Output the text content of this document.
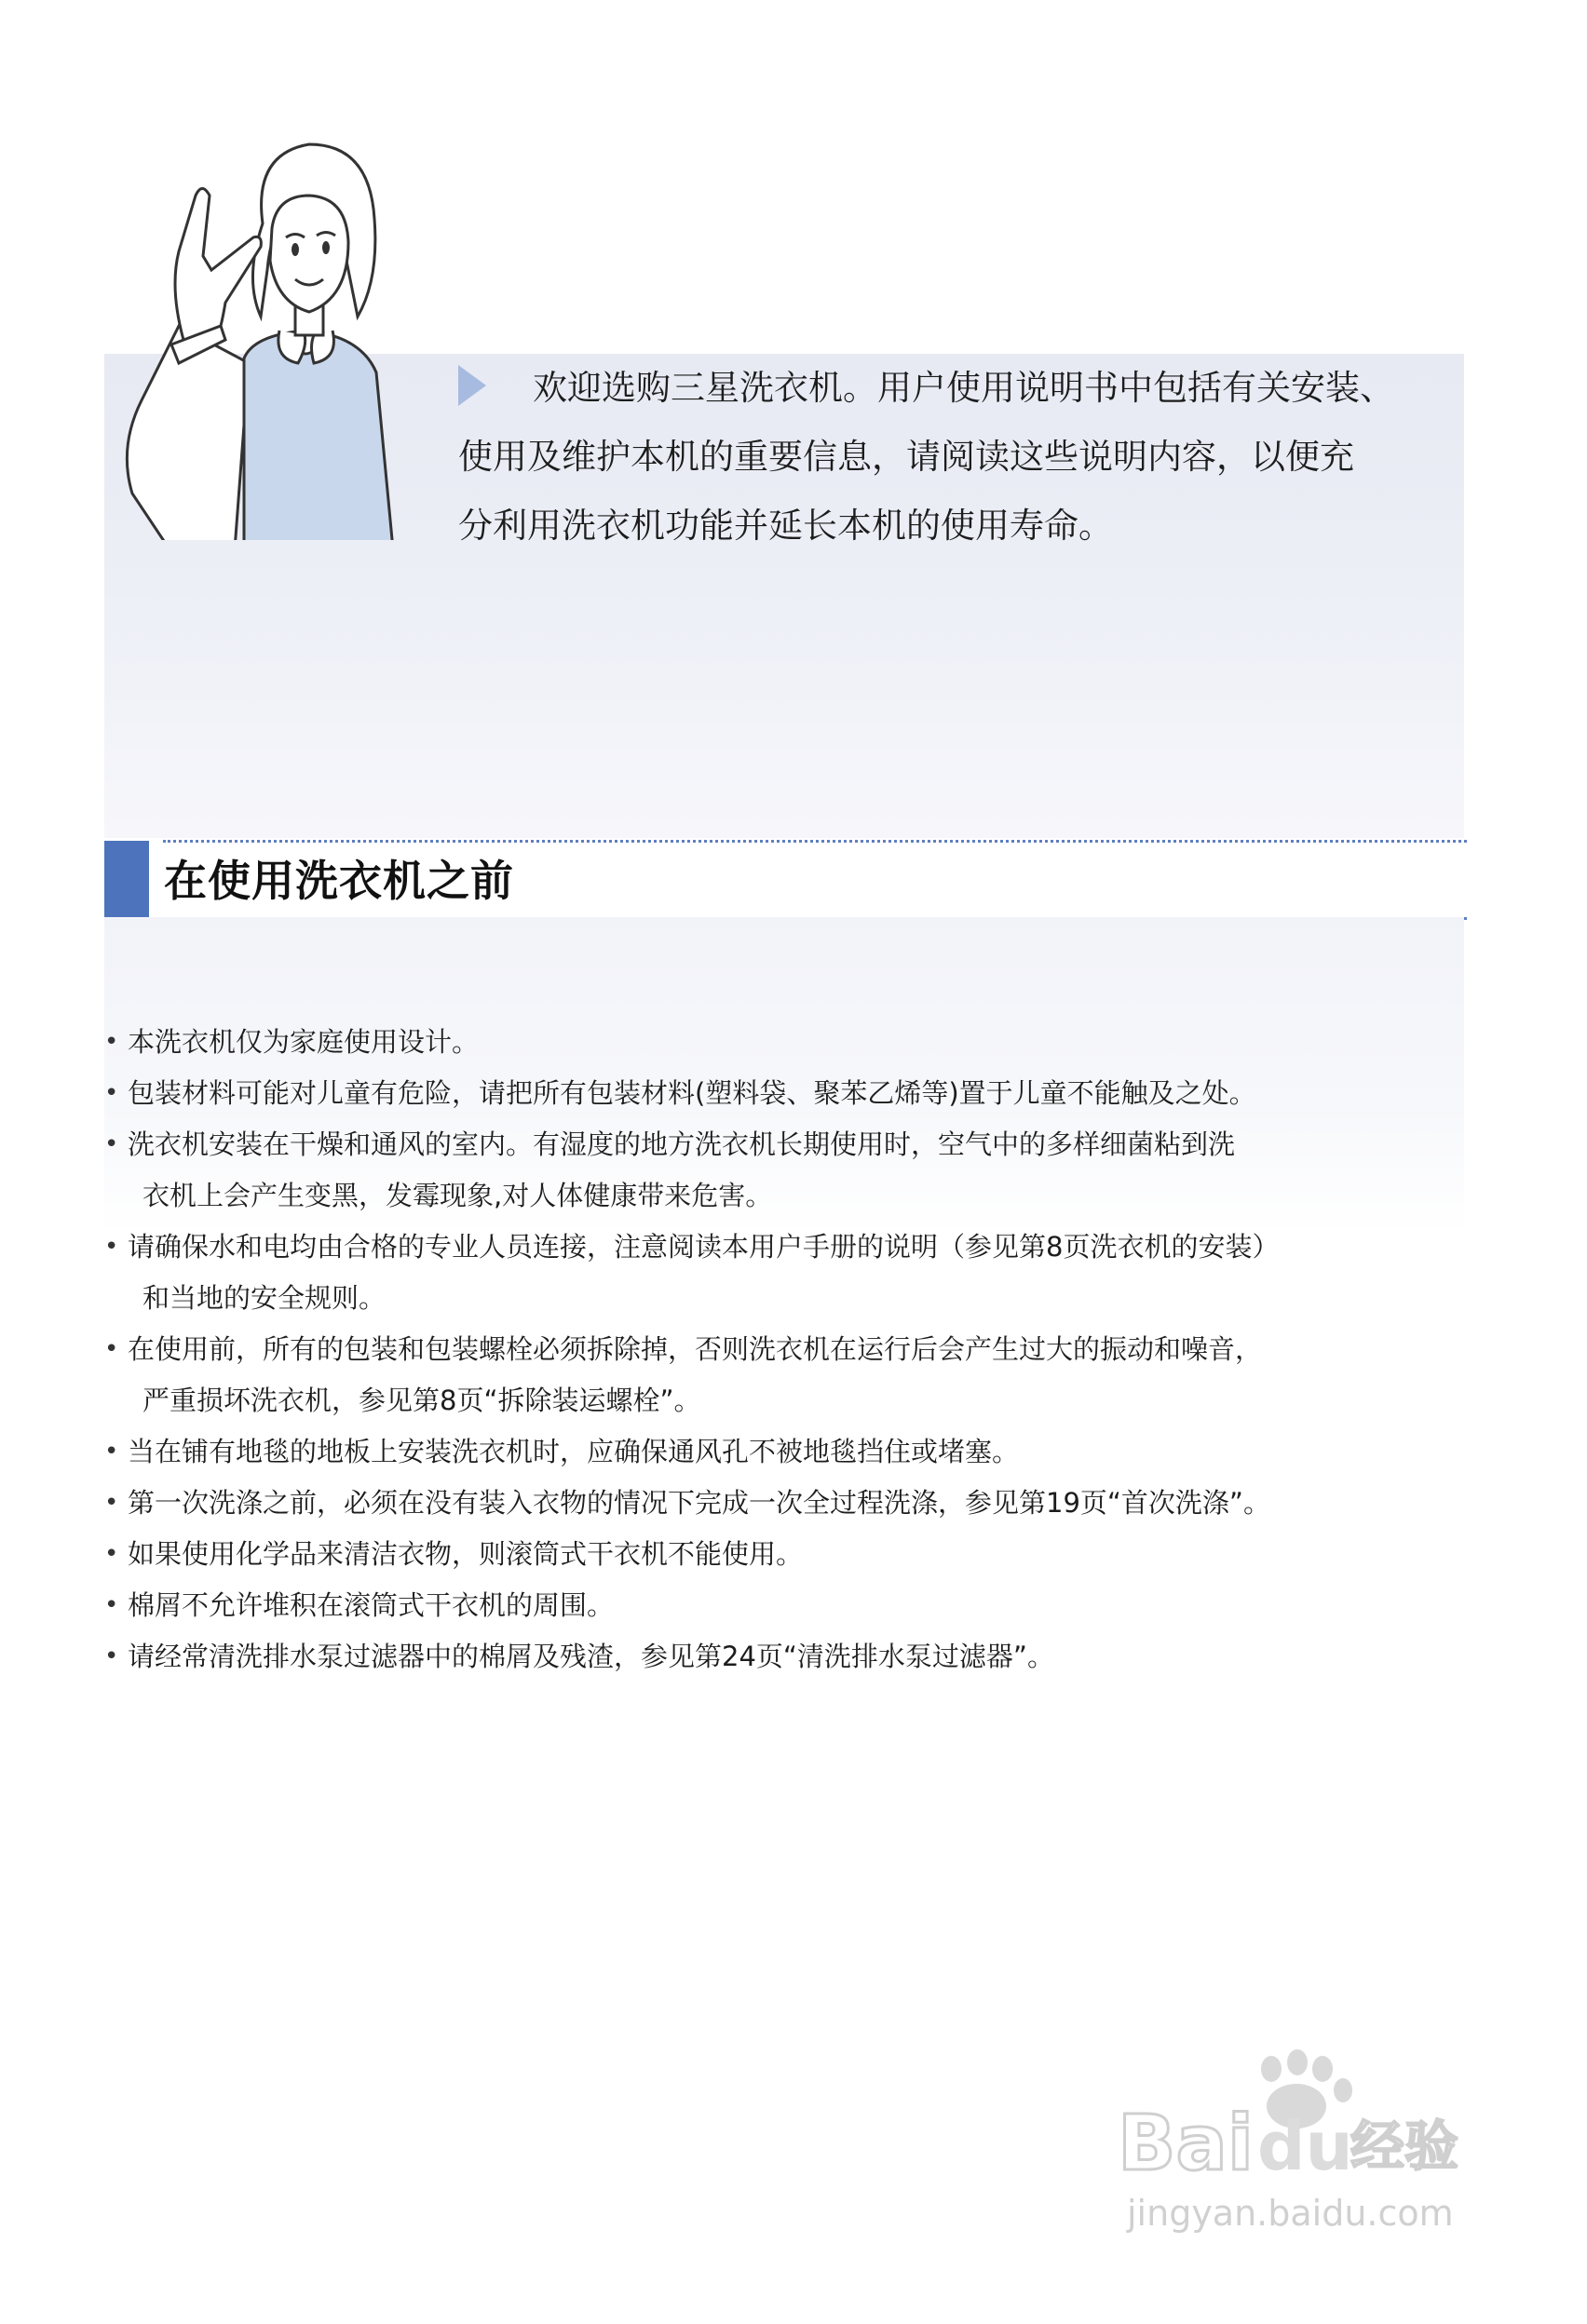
欢迎选购三星洗衣机。用户使用说明书中包括有关安装、
使用及维护本机的重要信息，请阅读这些说明内容，以便充
分利用洗衣机功能并延长本机的使用寿命。
在使用洗衣机之前
• 本洗衣机仅为家庭使用设计。
• 包装材料可能对儿童有危险，请把所有包装材料(塑料袋、聚苯乙烯等)置于儿童不能触及之处。
• 洗衣机安装在干燥和通风的室内。有湿度的地方洗衣机长期使用时，空气中的多样细菌粘到洗
衣机上会产生变黑，发霉现象,对人体健康带来危害。
• 请确保水和电均由合格的专业人员连接，注意阅读本用户手册的说明（参见第8页洗衣机的安装）
和当地的安全规则。
• 在使用前，所有的包装和包装螺栓必须拆除掉，否则洗衣机在运行后会产生过大的振动和噪音，
严重损坏洗衣机，参见第8页“拆除装运螺栓”。
• 当在铺有地毯的地板上安装洗衣机时，应确保通风孔不被地毯挡住或堵塞。
• 第一次洗涤之前，必须在没有装入衣物的情况下完成一次全过程洗涤，参见第19页“首次洗涤”。
• 如果使用化学品来清洁衣物，则滚筒式干衣机不能使用。
• 棉屑不允许堆积在滚筒式干衣机的周围。
• 请经常清洗排水泵过滤器中的棉屑及残渣，参见第24页“清洗排水泵过滤器”。
Bai du
经验
jingyan.baidu.com
